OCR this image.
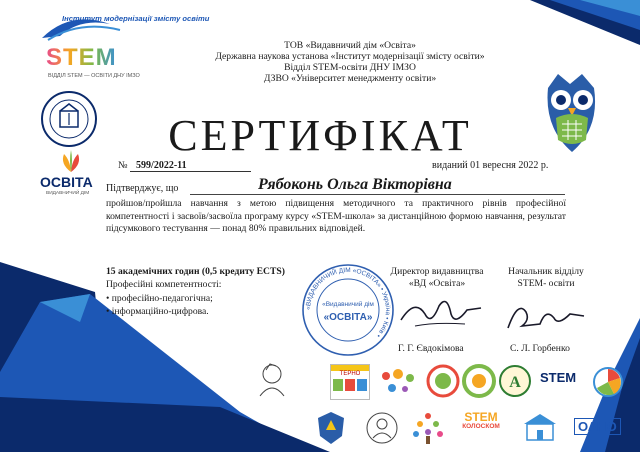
Інститут модернізації змісту освіти
STEM
ВІДДІЛ STEM — ОСВІТИ ДНУ ІМЗО
ОСВІТА
ВИДАВНИЧИЙ ДІМ
ТОВ «Видавничий дім «Освіта»
Державна наукова установа «Інститут модернізації змісту освіти»
Відділ STEM-освіти ДНУ ІМЗО
ДЗВО «Університет менеджменту освіти»
СЕРТИФІКАТ
№ 599/2022-11	виданий 01 вересня 2022 р.
Підтверджує, що	Рябоконь Ольга Вікторівна
пройшов/пройшла навчання з метою підвищення методичного та практичного рівнів професійної компетентності і засвоїв/засвоїла програму курсу «STEM-школа» за дистанційною формою навчання, результат підсумкового тестування — понад 80% правильних відповідей.
15 академічних годин (0,5 кредиту ЕСТS)
Професійні компетентності:
• професійно-педагогічна;
• інформаційно-цифрова.	«ВИДАВНИЧИЙ ДІМ «ОСВІТА» • Україна • Київ •
«Видавничий дім
«ОСВІТА»
Директор видавництва
«ВД «Освіта»
Г. Г. Євдокімова
Начальник відділу
STEM- освіти
С. Л. Горбенко
ТЕРНО	A STEM
STEM
КОЛОСКОМ	ОАНО
